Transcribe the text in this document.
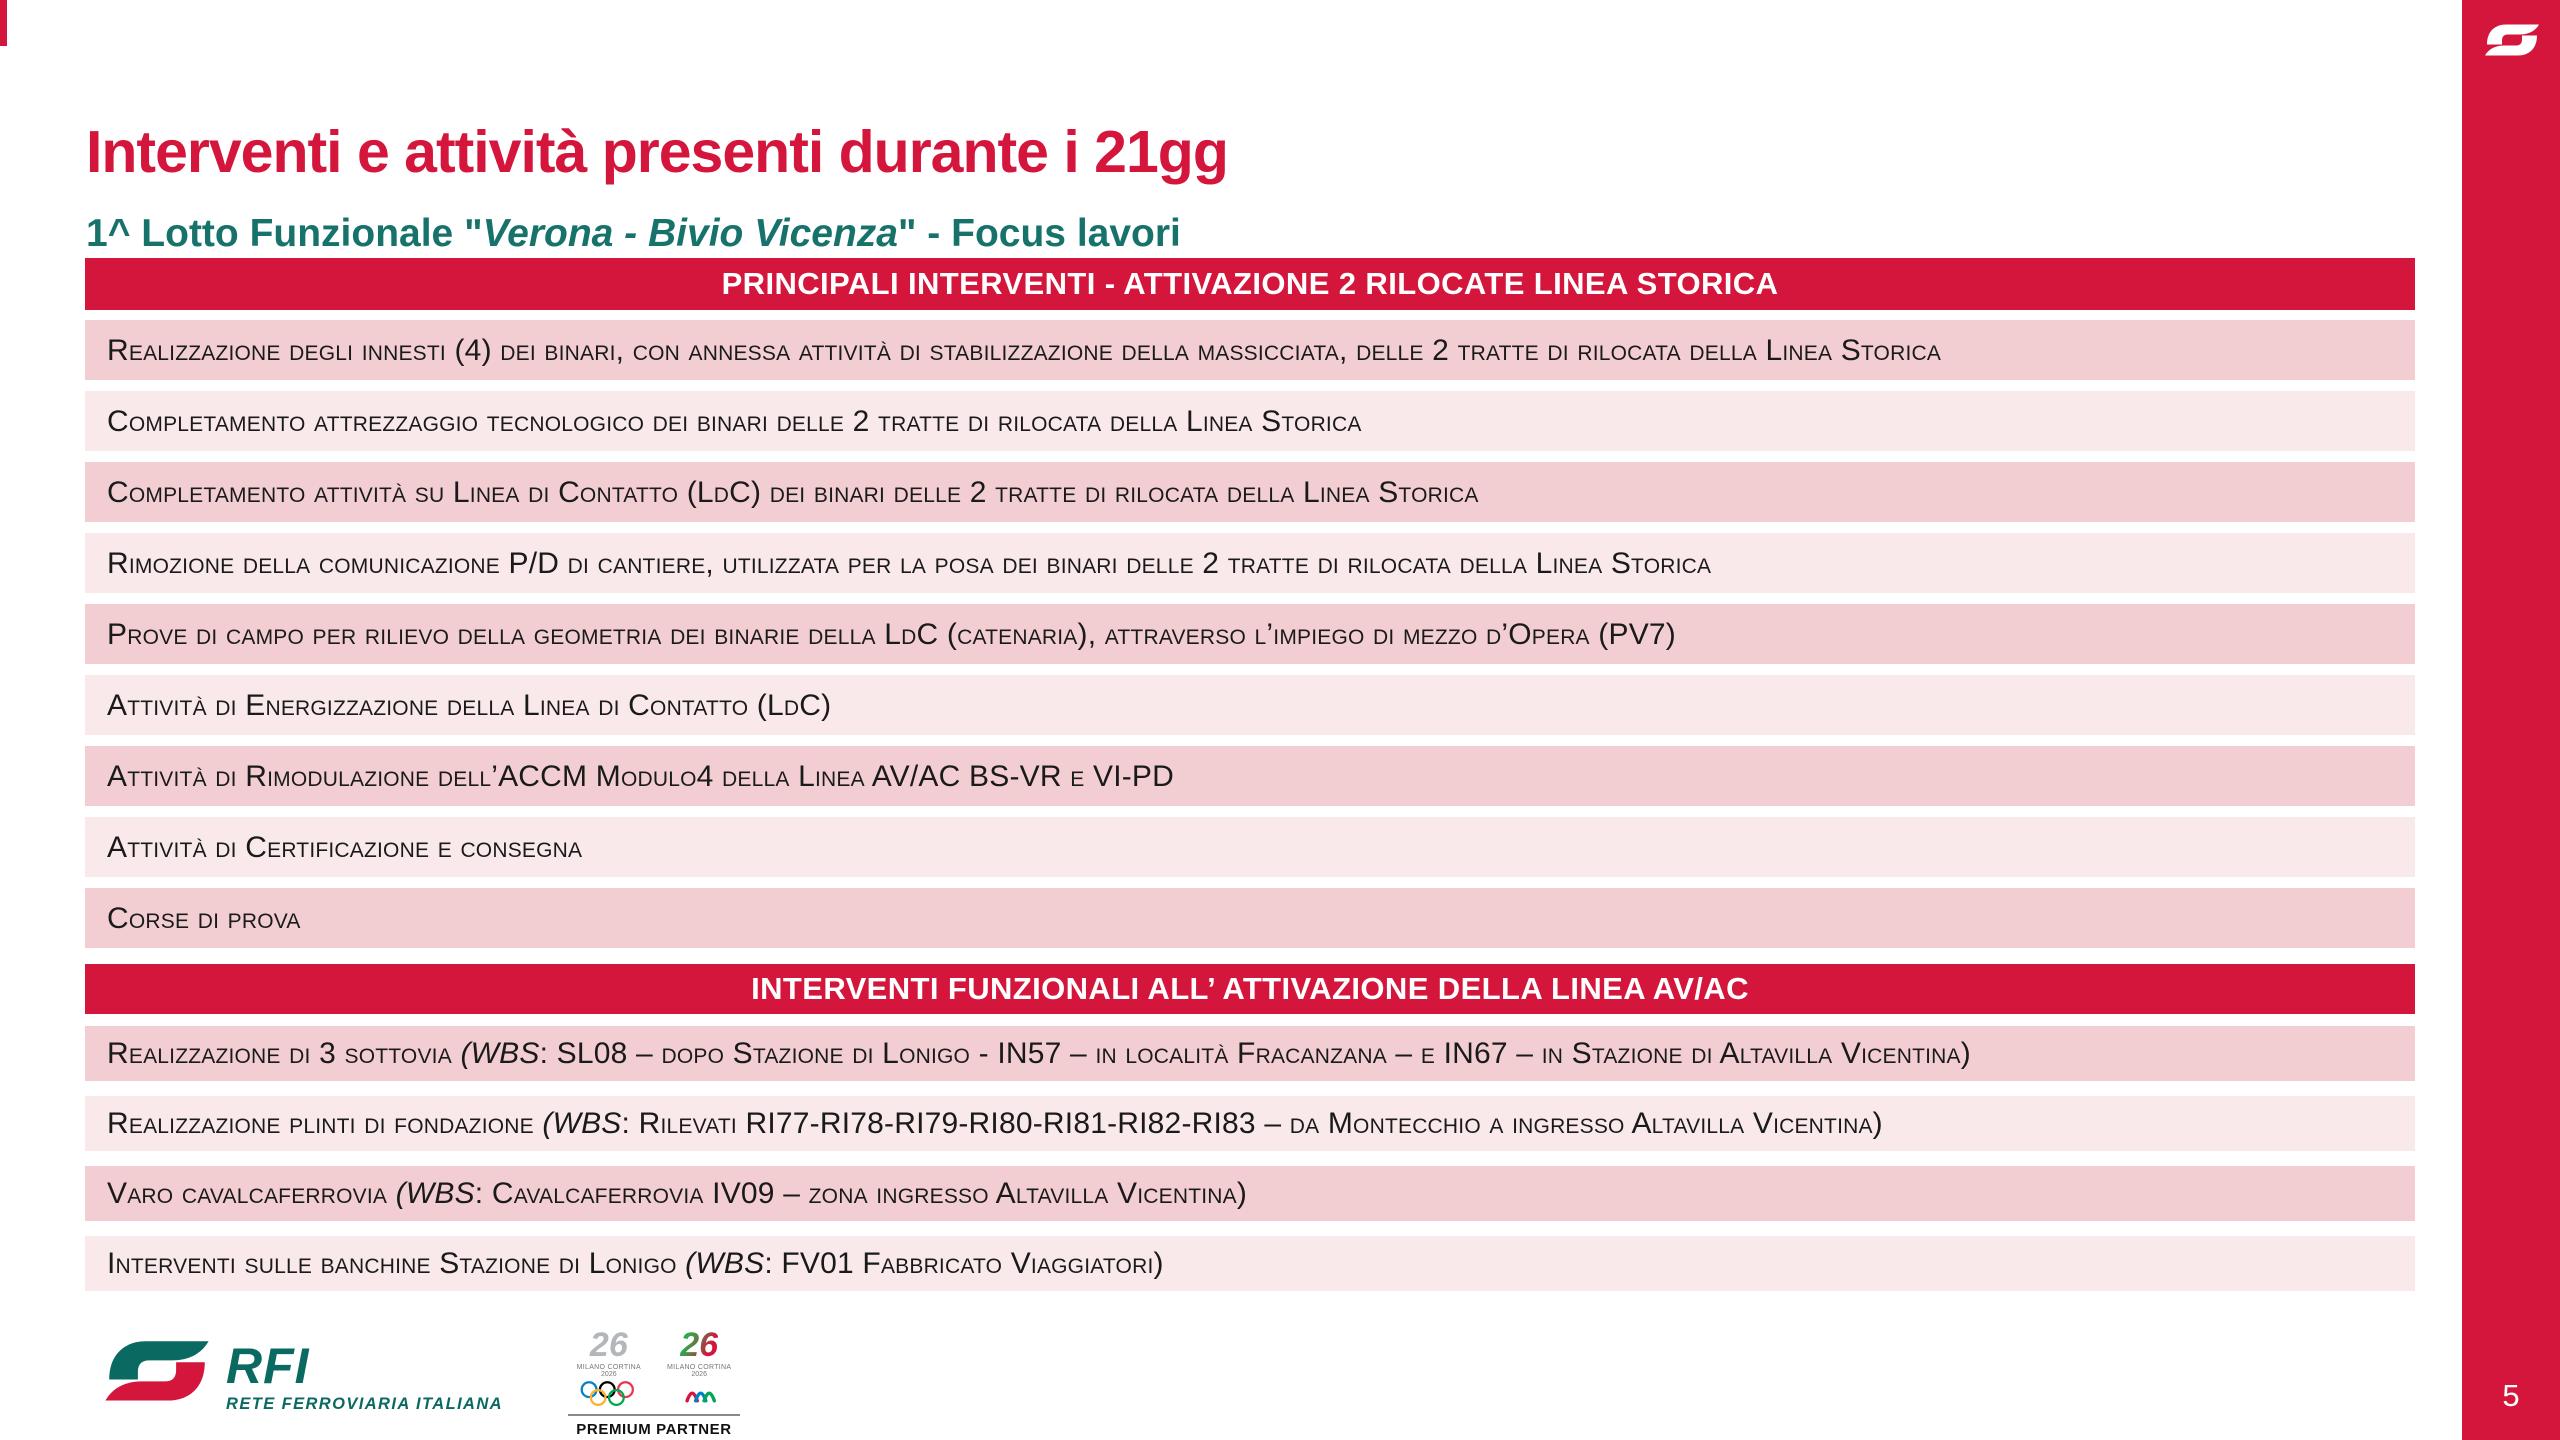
Interventi e attività presenti durante i 21gg
1^ Lotto Funzionale "Verona - Bivio Vicenza" - Focus lavori
PRINCIPALI INTERVENTI - ATTIVAZIONE 2 RILOCATE LINEA STORICA
Realizzazione degli innesti (4) dei binari, con annessa attività di stabilizzazione della massicciata, delle 2 tratte di rilocata della Linea Storica
Completamento attrezzaggio tecnologico dei binari delle 2 tratte di rilocata della Linea Storica
Completamento attività su Linea di Contatto (LdC) dei binari delle 2 tratte di rilocata della Linea Storica
Rimozione della comunicazione P/D di cantiere, utilizzata per la posa dei binari delle 2 tratte di rilocata della Linea Storica
Prove di campo per rilievo della geometria dei binarie della LdC (catenaria), attraverso l’impiego di mezzo d’Opera (PV7)
Attività di Energizzazione della Linea di Contatto (LdC)
Attività di Rimodulazione dell’ACCM Modulo4 della Linea AV/AC BS-VR e VI-PD
Attività di Certificazione e consegna
Corse di prova
INTERVENTI FUNZIONALI ALL’ ATTIVAZIONE DELLA LINEA AV/AC
Realizzazione di 3 sottovia (WBS: SL08 – dopo Stazione di Lonigo - IN57 – in località Fracanzana – e IN67 – in Stazione di Altavilla Vicentina)
Realizzazione plinti di fondazione (WBS: Rilevati RI77-RI78-RI79-RI80-RI81-RI82-RI83 – da Montecchio a ingresso Altavilla Vicentina)
Varo cavalcaferrovia (WBS: Cavalcaferrovia IV09 – zona ingresso Altavilla Vicentina)
Interventi sulle banchine Stazione di Lonigo (WBS: FV01 Fabbricato Viaggiatori)
RFI
RETE FERROVIARIA ITALIANA
26
MILANO CORTINA
2026
26
MILANO CORTINA
2026
PREMIUM PARTNER
5
